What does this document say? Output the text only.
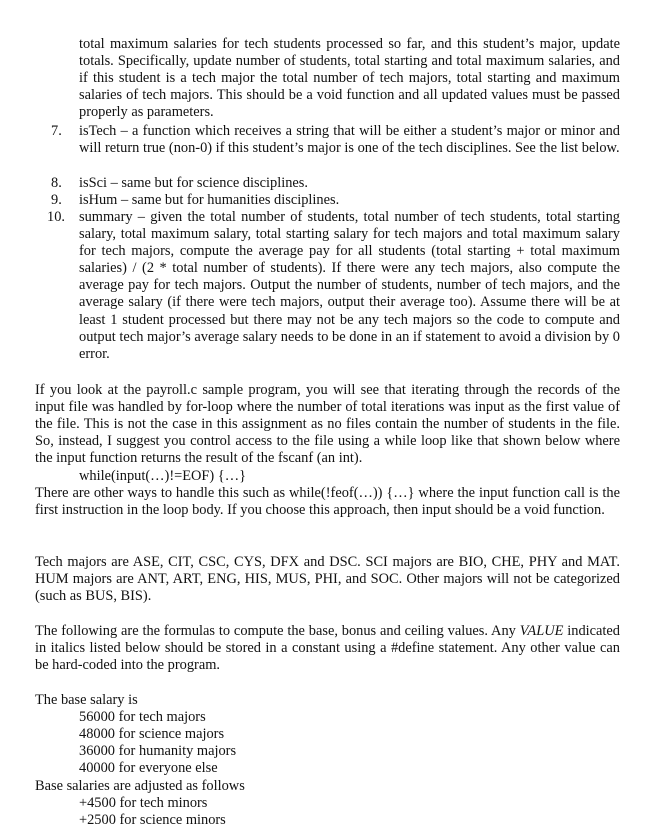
total maximum salaries for tech students processed so far, and this student’s major, update totals. Specifically, update number of students, total starting and total maximum salaries, and if this student is a tech major the total number of tech majors, total starting and maximum salaries of tech majors. This should be a void function and all updated values must be passed properly as parameters.

7. isTech – a function which receives a string that will be either a student’s major or minor and will return true (non-0) if this student’s major is one of the tech disciplines. See the list below.

8. isSci – same but for science disciplines.

9. isHum – same but for humanities disciplines.

10. summary – given the total number of students, total number of tech students, total starting salary, total maximum salary, total starting salary for tech majors and total maximum salary for tech majors, compute the average pay for all students (total starting + total maximum salaries) / (2 * total number of students). If there were any tech majors, also compute the average pay for tech majors. Output the number of students, number of tech majors, and the average salary (if there were tech majors, output their average too). Assume there will be at least 1 student processed but there may not be any tech majors so the code to compute and output tech major’s average salary needs to be done in an if statement to avoid a division by 0 error.

If you look at the payroll.c sample program, you will see that iterating through the records of the input file was handled by for-loop where the number of total iterations was input as the first value of the file. This is not the case in this assignment as no files contain the number of students in the file. So, instead, I suggest you control access to the file using a while loop like that shown below where the input function returns the result of the fscanf (an int).

while(input(…)!=EOF) {…}

There are other ways to handle this such as while(!feof(…)) {…} where the input function call is the first instruction in the loop body. If you choose this approach, then input should be a void function.

Tech majors are ASE, CIT, CSC, CYS, DFX and DSC. SCI majors are BIO, CHE, PHY and MAT. HUM majors are ANT, ART, ENG, HIS, MUS, PHI, and SOC. Other majors will not be categorized (such as BUS, BIS).

The following are the formulas to compute the base, bonus and ceiling values. Any VALUE indicated in italics listed below should be stored in a constant using a #define statement. Any other value can be hard-coded into the program.

The base salary is
56000 for tech majors
48000 for science majors
36000 for humanity majors
40000 for everyone else
Base salaries are adjusted as follows
+4500 for tech minors
+2500 for science minors
